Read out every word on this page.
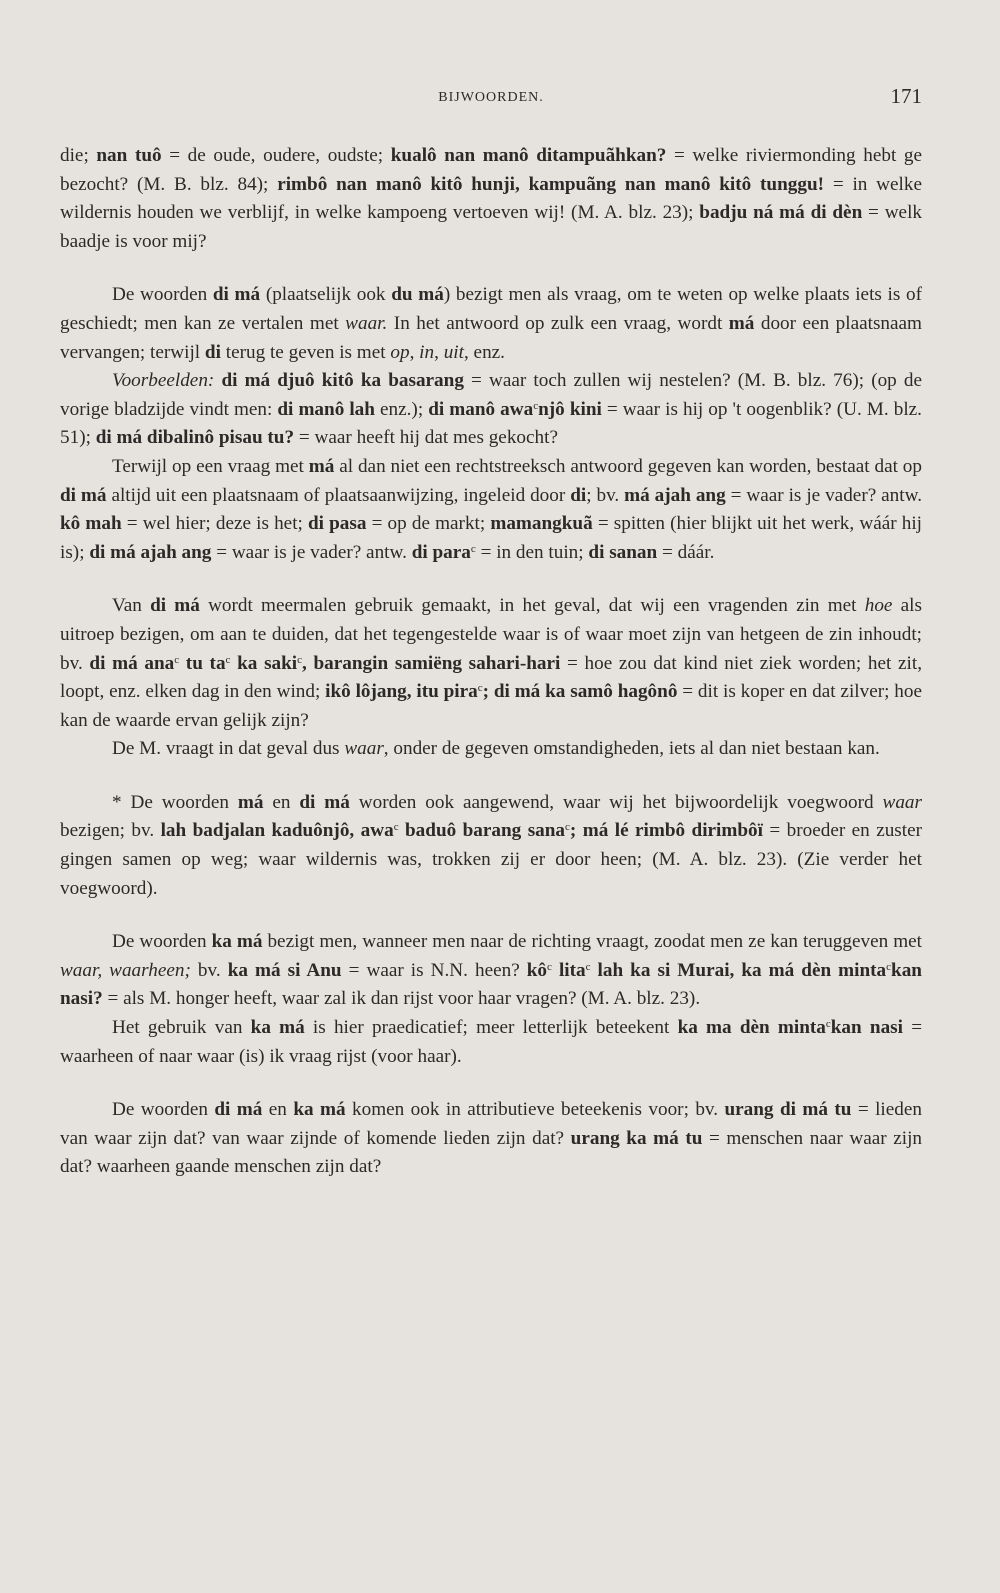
BIJWOORDEN.	171

die; nan tuô = de oude, oudere, oudste; kualô nan manô ditampuãhkan? = welke riviermonding hebt ge bezocht? (M. B. blz. 84); rimbô nan manô kitô hunji, kampuãng nan manô kitô tunggu! = in welke wildernis houden we verblijf, in welke kampoeng vertoeven wij! (M. A. blz. 23); badju ná má di dèn = welk baadje is voor mij?

De woorden di má (plaatselijk ook du má) bezigt men als vraag, om te weten op welke plaats iets is of geschiedt; men kan ze vertalen met waar. In het antwoord op zulk een vraag, wordt má door een plaatsnaam vervangen; terwijl di terug te geven is met op, in, uit, enz.

Voorbeelden: di má djuô kitô ka basarang = waar toch zullen wij nestelen? (M. B. blz. 76); (op de vorige bladzijde vindt men: di manô lah enz.); di manô awa$^c$njô kini = waar is hij op 't oogenblik? (U. M. blz. 51); di má dibalinô pisau tu? = waar heeft hij dat mes gekocht?

Terwijl op een vraag met má al dan niet een rechtstreeksch antwoord gegeven kan worden, bestaat dat op di má altijd uit een plaatsnaam of plaatsaanwijzing, ingeleid door di; bv. má ajah ang = waar is je vader? antw. kô mah = wel hier; deze is het; di pasa = op de markt; mamangkuã = spitten (hier blijkt uit het werk, wáár hij is); di má ajah ang = waar is je vader? antw. di para$^c$ = in den tuin; di sanan = dáár.

Van di má wordt meermalen gebruik gemaakt, in het geval, dat wij een vragenden zin met hoe als uitroep bezigen, om aan te duiden, dat het tegengestelde waar is of waar moet zijn van hetgeen de zin inhoudt; bv. di má ana$^c$ tu $ta^c$ ka saki$^c$, barangin samiëng sahari-hari = hoe zou dat kind niet ziek worden; het zit, loopt, enz. elken dag in den wind; ikô lôjang, itu pira$^c$; di má ka samô hagônô = dit is koper en dat zilver; hoe kan de waarde ervan gelijk zijn?

De M. vraagt in dat geval dus waar, onder de gegeven omstandigheden, iets al dan niet bestaan kan.

* De woorden má en di má worden ook aangewend, waar wij het bijwoordelijk voegwoord waar bezigen; bv. lah badjalan kaduônjô, awa$^c$ baduô barang sana$^c$; má lé rimbô dirimbôï = broeder en zuster gingen samen op weg; waar wildernis was, trokken zij er door heen; (M. A. blz. 23). (Zie verder het voegwoord).

De woorden ka má bezigt men, wanneer men naar de richting vraagt, zoodat men ze kan teruggeven met waar, waarheen; bv. ka má si Anu = waar is N.N. heen? $kô^c$ lita$^c$ lah ka si Murai, ka má dèn minta$^c$kan nasi? = als M. honger heeft, waar zal ik dan rijst voor haar vragen? (M. A. blz. 23).

Het gebruik van ka má is hier praedicatief; meer letterlijk beteekent ka ma dèn minta$^c$kan nasi = waarheen of naar waar (is) ik vraag rijst (voor haar).

De woorden di má en ka má komen ook in attributieve beteekenis voor; bv. urang di má tu = lieden van waar zijn dat? van waar zijnde of komende lieden zijn dat? urang ka má tu = menschen naar waar zijn dat? waarheen gaande menschen zijn dat?
